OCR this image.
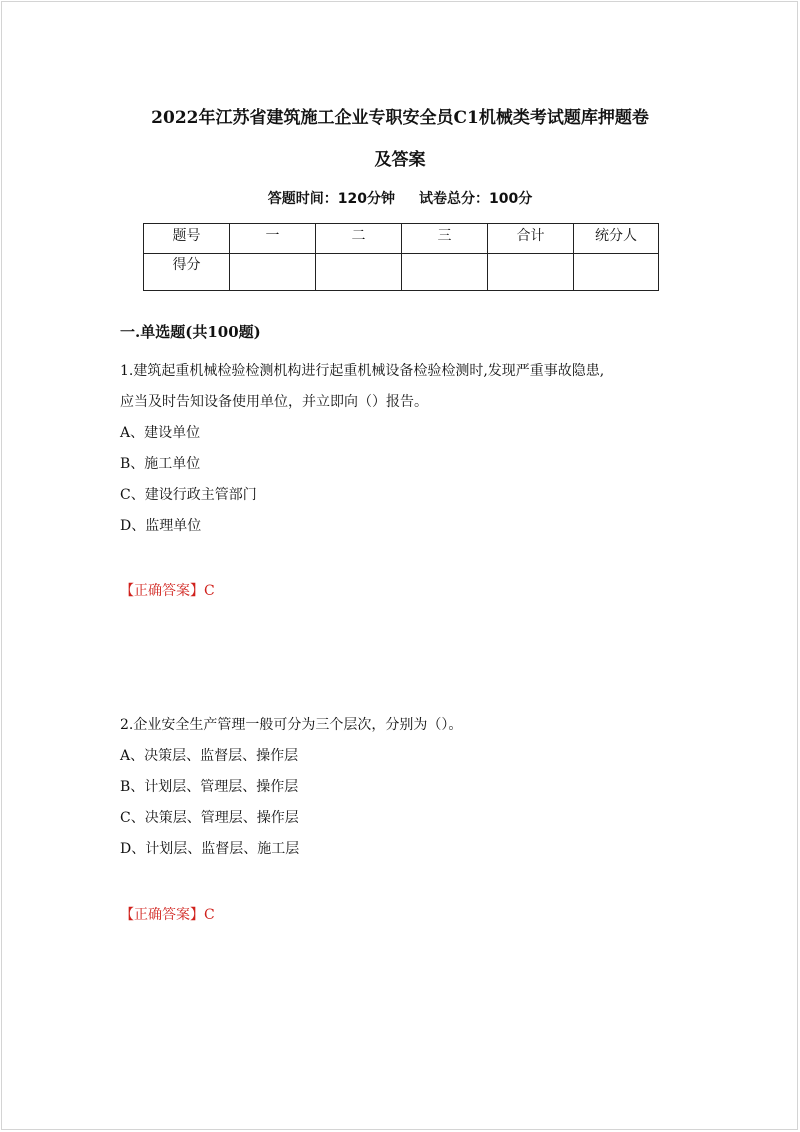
2022年江苏省建筑施工企业专职安全员C1机械类考试题库押题卷
及答案
答题时间：120分钟 试卷总分：100分
题号	一	二	三	合计	统分人
得分					
一.单选题(共100题)
1.建筑起重机械检验检测机构进行起重机械设备检验检测时,发现严重事故隐患,
应当及时告知设备使用单位，并立即向（）报告。
A、建设单位
B、施工单位
C、建设行政主管部门
D、监理单位
【正确答案】C
2.企业安全生产管理一般可分为三个层次，分别为（）。
A、决策层、监督层、操作层
B、计划层、管理层、操作层
C、决策层、管理层、操作层
D、计划层、监督层、施工层
【正确答案】C
